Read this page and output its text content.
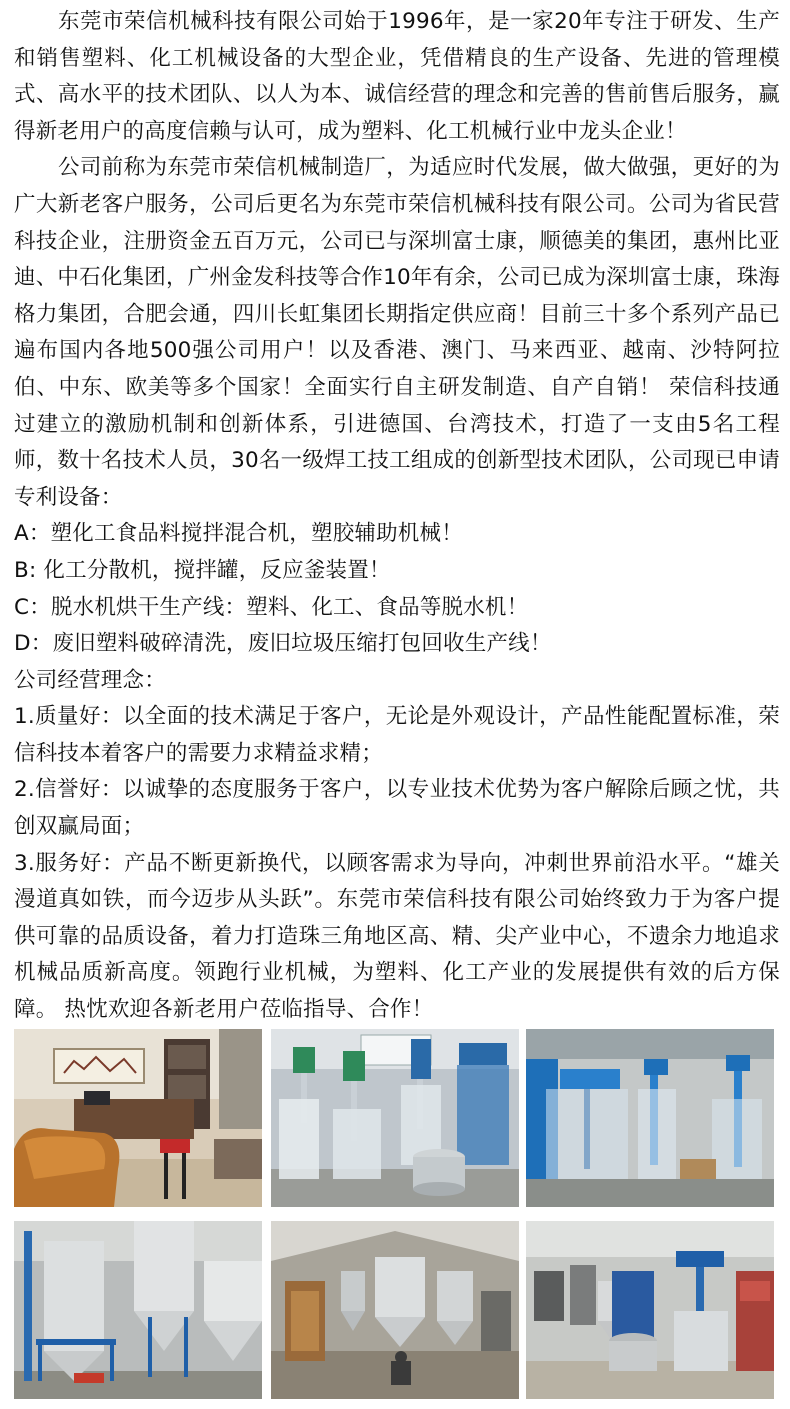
东莞市荣信机械科技有限公司始于1996年，是一家20年专注于研发、生产和销售塑料、化工机械设备的大型企业，凭借精良的生产设备、先进的管理模式、高水平的技术团队、以人为本、诚信经营的理念和完善的售前售后服务，赢得新老用户的高度信赖与认可，成为塑料、化工机械行业中龙头企业！

公司前称为东莞市荣信机械制造厂，为适应时代发展，做大做强，更好的为广大新老客户服务，公司后更名为东莞市荣信机械科技有限公司。公司为省民营科技企业，注册资金五百万元，公司已与深圳富士康，顺德美的集团，惠州比亚迪、中石化集团，广州金发科技等合作10年有余，公司已成为深圳富士康，珠海格力集团，合肥会通，四川长虹集团长期指定供应商！目前三十多个系列产品已遍布国内各地500强公司用户！以及香港、澳门、马来西亚、越南、沙特阿拉伯、中东、欧美等多个国家！全面实行自主研发制造、自产自销！ 荣信科技通过建立的激励机制和创新体系，引进德国、台湾技术，打造了一支由5名工程师，数十名技术人员，30名一级焊工技工组成的创新型技术团队，公司现已申请专利设备：

A：塑化工食品料搅拌混合机，塑胶辅助机械！

B: 化工分散机，搅拌罐，反应釜装置！

C：脱水机烘干生产线：塑料、化工、食品等脱水机！

D：废旧塑料破碎清洗，废旧垃圾压缩打包回收生产线！

公司经营理念：

1.质量好：以全面的技术满足于客户，无论是外观设计，产品性能配置标准，荣信科技本着客户的需要力求精益求精；

2.信誉好：以诚挚的态度服务于客户，以专业技术优势为客户解除后顾之忧，共创双赢局面；

3.服务好：产品不断更新换代，以顾客需求为导向，冲刺世界前沿水平。“雄关漫道真如铁，而今迈步从头跃”。东莞市荣信科技有限公司始终致力于为客户提供可靠的品质设备，着力打造珠三角地区高、精、尖产业中心，不遗余力地追求机械品质新高度。领跑行业机械，为塑料、化工产业的发展提供有效的后方保障。 热忱欢迎各新老用户莅临指导、合作！
